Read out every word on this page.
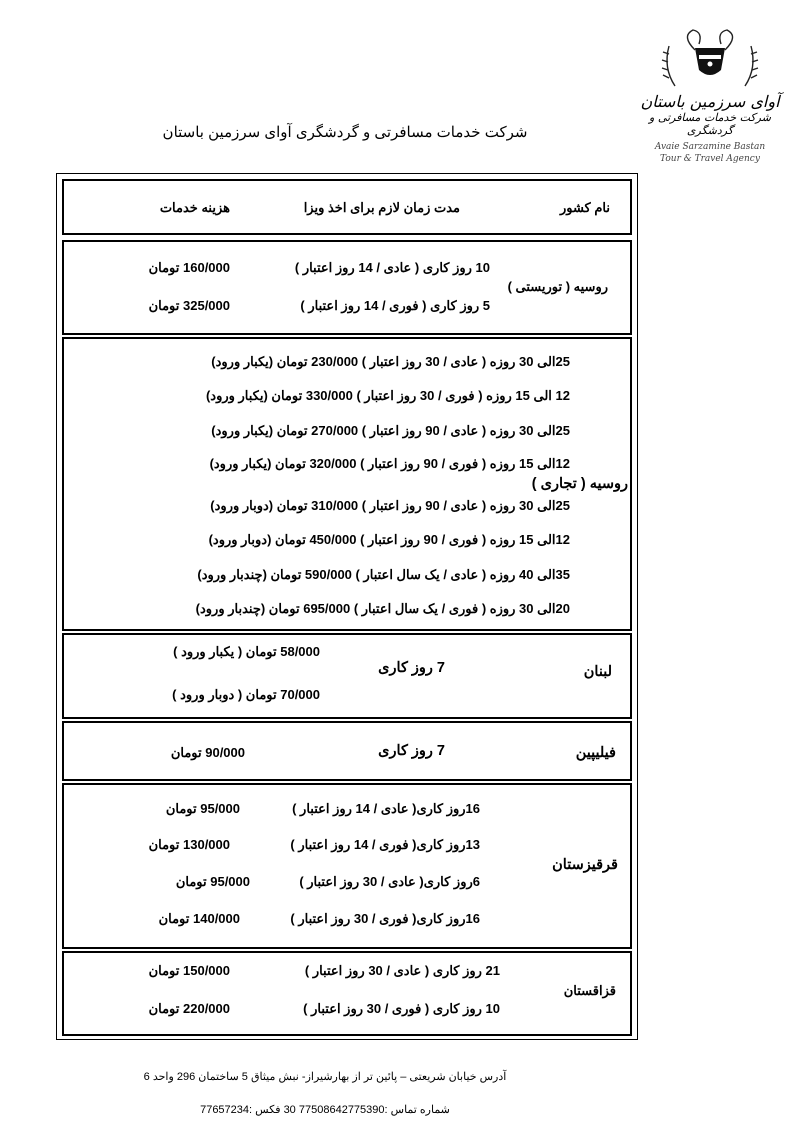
آوای سرزمین باستان
شرکت خدمات مسافرتی و گردشگری
Avaie Sarzamine Bastan
Tour & Travel Agency
شرکت خدمات مسافرتی و گردشگری آوای سرزمین باستان
نام کشور
مدت زمان لازم برای اخذ ویزا
هزینه خدمات
روسیه ( توریستی )
10 روز کاری ( عادی / 14 روز اعتبار )
160/000 تومان
5 روز کاری ( فوری / 14 روز اعتبار )
325/000 تومان
روسیه ( تجاری )
25الی 30 روزه ( عادی / 30 روز اعتبار ) 230/000 تومان (یکبار ورود)
12 الی 15 روزه ( فوری / 30 روز اعتبار ) 330/000 تومان (یکبار ورود)
25الی 30 روزه ( عادی / 90 روز اعتبار ) 270/000 تومان (یکبار ورود)
12الی 15 روزه ( فوری / 90 روز اعتبار ) 320/000 تومان (یکبار ورود)
25الی 30 روزه ( عادی / 90 روز اعتبار ) 310/000 تومان (دوبار ورود)
12الی 15 روزه ( فوری / 90 روز اعتبار ) 450/000 تومان (دوبار ورود)
35الی 40 روزه ( عادی / یک سال اعتبار ) 590/000 تومان (چندبار ورود)
20الی 30 روزه ( فوری / یک سال اعتبار ) 695/000 تومان (چندبار ورود)
لبنان
7 روز کاری
58/000 تومان ( یکبار ورود )
70/000 تومان ( دوبار ورود )
فیلیپین
7 روز کاری
90/000 تومان
قرقیزستان
16روز کاری( عادی / 14 روز اعتبار )
95/000 تومان
13روز کاری( فوری / 14 روز اعتبار )
130/000 تومان
6روز کاری( عادی / 30 روز اعتبار )
95/000 تومان
16روز کاری( فوری / 30 روز اعتبار )
140/000 تومان
قزاقستان
21 روز کاری ( عادی / 30 روز اعتبار )
150/000 تومان
10 روز کاری ( فوری / 30 روز اعتبار )
220/000 تومان
آدرس خیابان شریعتی – پائین تر از بهارشیراز- نبش میثاق 5 ساختمان 296 واحد 6
شماره تماس :77508642775390 30 فکس :77657234
